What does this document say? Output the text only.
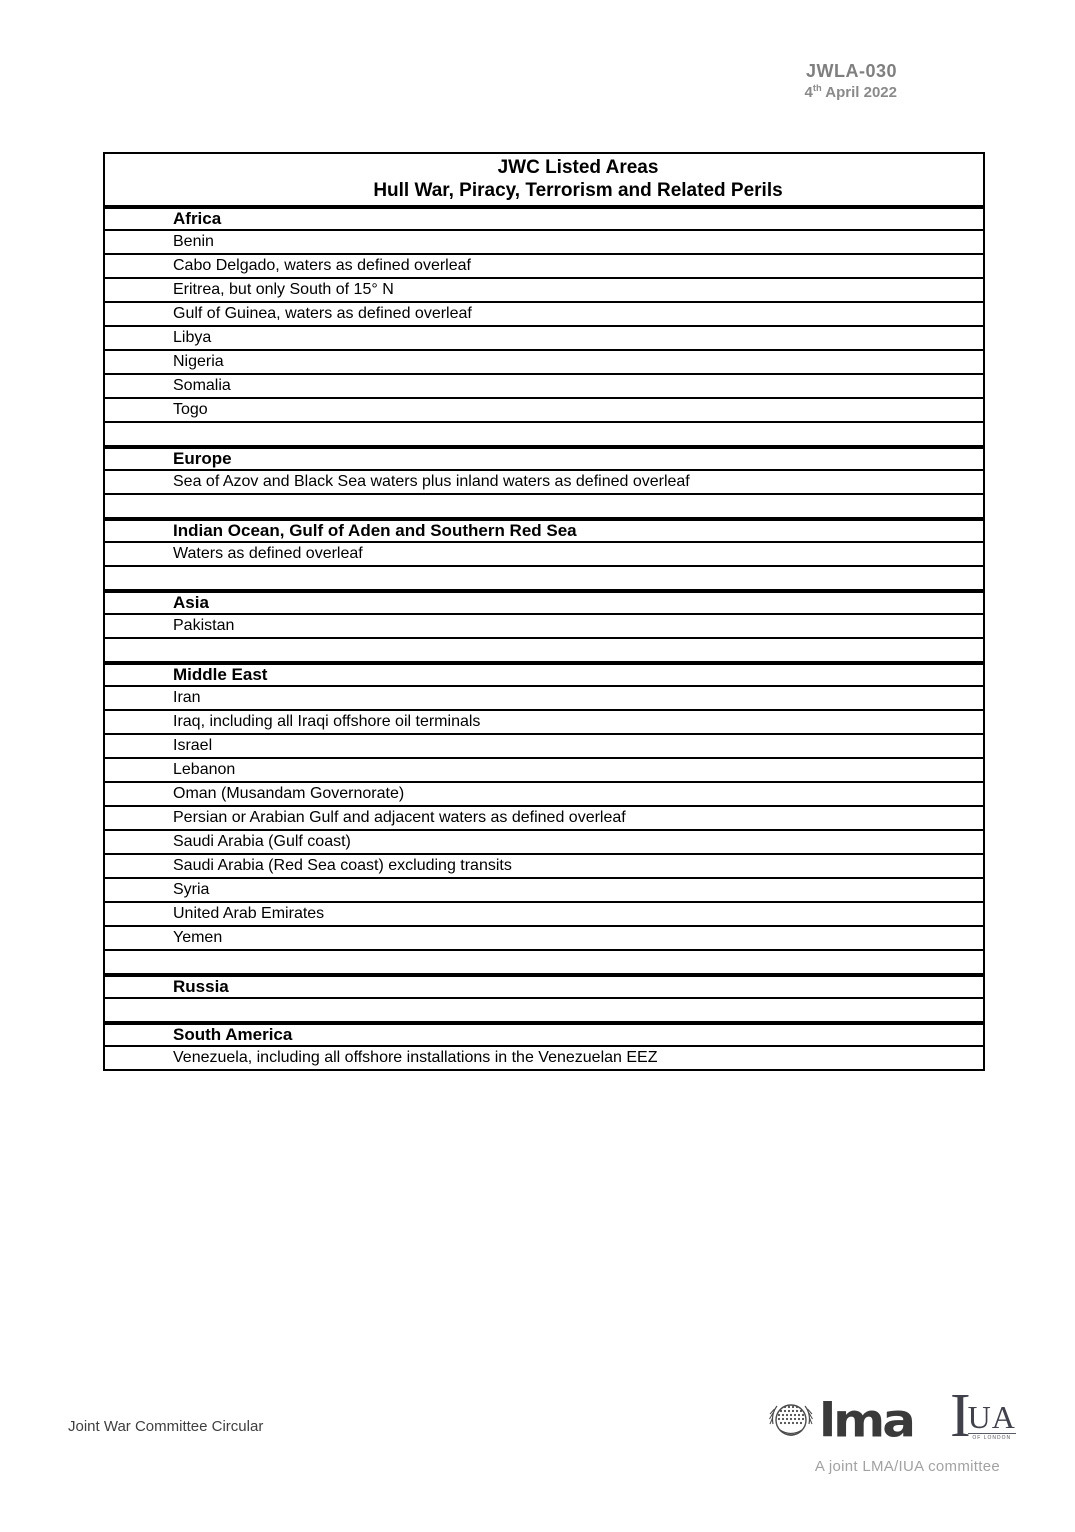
JWLA-030
4th April 2022
JWC Listed Areas
Hull War, Piracy, Terrorism and Related Perils
Africa
Benin
Cabo Delgado, waters as defined overleaf
Eritrea, but only South of 15° N
Gulf of Guinea, waters as defined overleaf
Libya
Nigeria
Somalia
Togo
Europe
Sea of Azov and Black Sea waters plus inland waters as defined overleaf
Indian Ocean, Gulf of Aden and Southern Red Sea
Waters as defined overleaf
Asia
Pakistan
Middle East
Iran
Iraq, including all Iraqi offshore oil terminals
Israel
Lebanon
Oman (Musandam Governorate)
Persian or Arabian Gulf and adjacent waters as defined overleaf
Saudi Arabia (Gulf coast)
Saudi Arabia (Red Sea coast) excluding transits
Syria
United Arab Emirates
Yemen
Russia
South America
Venezuela, including all offshore installations in the Venezuelan EEZ
Joint War Committee Circular	lma I
UA
OF LONDON
A joint LMA/IUA committee
